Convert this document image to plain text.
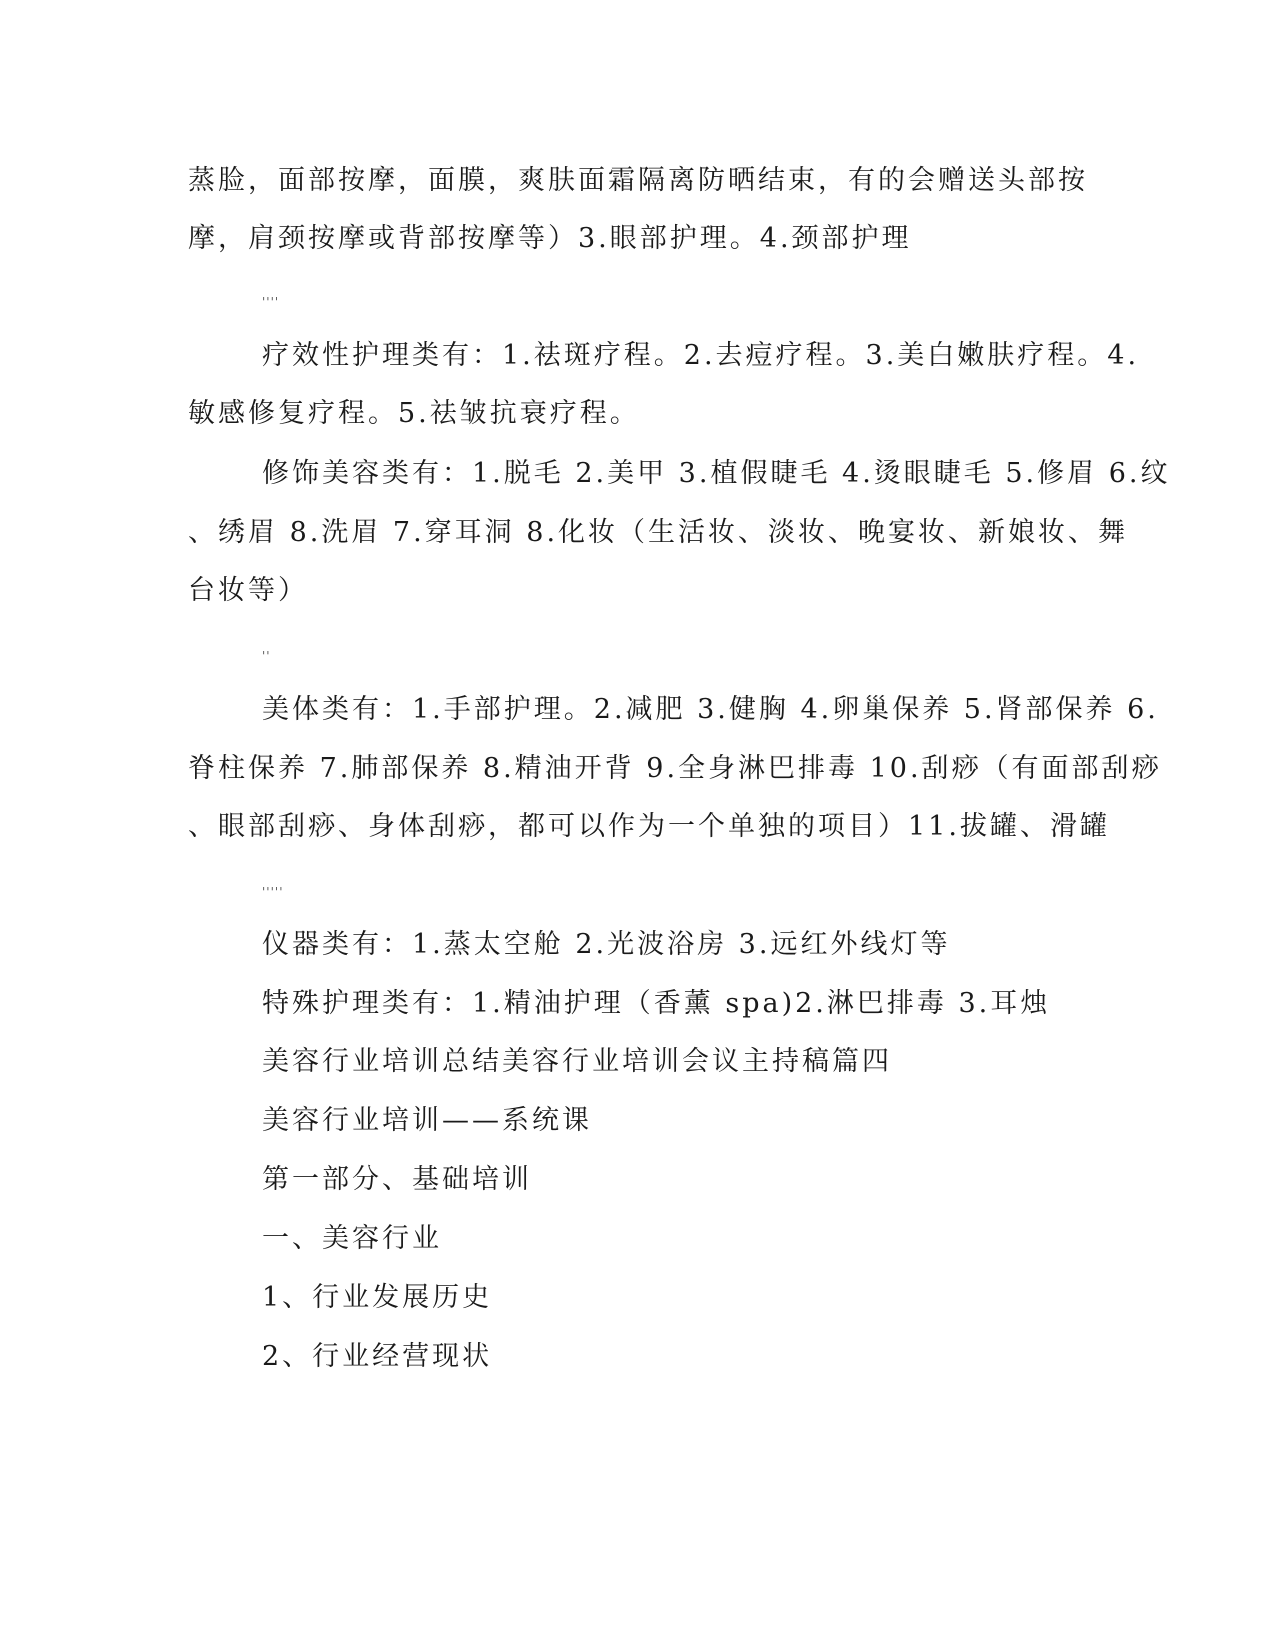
蒸脸，面部按摩，面膜，爽肤面霜隔离防晒结束，有的会赠送头部按
摩，肩颈按摩或背部按摩等）3.眼部护理。4.颈部护理
''''
疗效性护理类有：1.祛斑疗程。2.去痘疗程。3.美白嫩肤疗程。4.
敏感修复疗程。5.祛皱抗衰疗程。
修饰美容类有：1.脱毛 2.美甲 3.植假睫毛 4.烫眼睫毛 5.修眉 6.纹
、绣眉 8.洗眉 7.穿耳洞 8.化妆（生活妆、淡妆、晚宴妆、新娘妆、舞
台妆等）
''
美体类有：1.手部护理。2.减肥 3.健胸 4.卵巢保养 5.肾部保养 6.
脊柱保养 7.肺部保养 8.精油开背 9.全身淋巴排毒 10.刮痧（有面部刮痧
、眼部刮痧、身体刮痧，都可以作为一个单独的项目）11.拔罐、滑罐
'''''
仪器类有：1.蒸太空舱 2.光波浴房 3.远红外线灯等
特殊护理类有：1.精油护理（香薰 spa)2.淋巴排毒 3.耳烛
美容行业培训总结美容行业培训会议主持稿篇四
美容行业培训——系统课
第一部分、基础培训
一、美容行业
1、行业发展历史
2、行业经营现状
